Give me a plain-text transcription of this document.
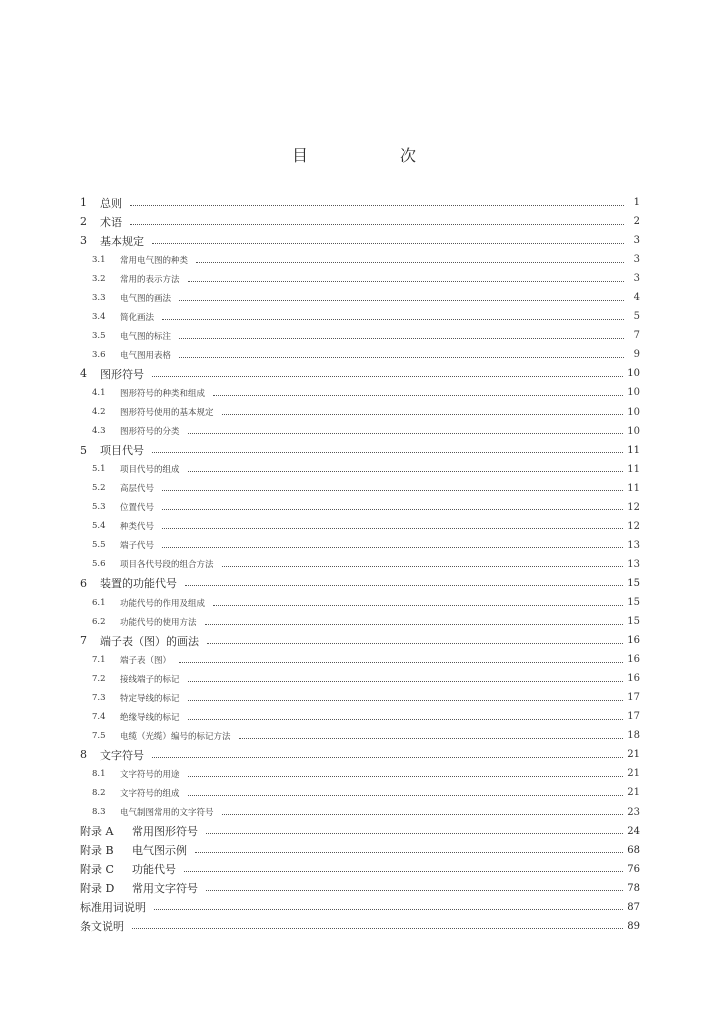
目　次
1	总则	1
2	术语	2
3	基本规定	3
3.1	常用电气图的种类	3
3.2	常用的表示方法	3
3.3	电气图的画法	4
3.4	简化画法	5
3.5	电气图的标注	7
3.6	电气图用表格	9
4	图形符号	10
4.1	图形符号的种类和组成	10
4.2	图形符号使用的基本规定	10
4.3	图形符号的分类	10
5	项目代号	11
5.1	项目代号的组成	11
5.2	高层代号	11
5.3	位置代号	12
5.4	种类代号	12
5.5	端子代号	13
5.6	项目各代号段的组合方法	13
6	装置的功能代号	15
6.1	功能代号的作用及组成	15
6.2	功能代号的使用方法	15
7	端子表（图）的画法	16
7.1	端子表（图）	16
7.2	接线端子的标记	16
7.3	特定导线的标记	17
7.4	绝缘导线的标记	17
7.5	电缆（光缆）编号的标记方法	18
8	文字符号	21
8.1	文字符号的用途	21
8.2	文字符号的组成	21
8.3	电气制图常用的文字符号	23
附录 A	常用图形符号	24
附录 B	电气图示例	68
附录 C	功能代号	76
附录 D	常用文字符号	78
标准用词说明	87
条文说明	89
